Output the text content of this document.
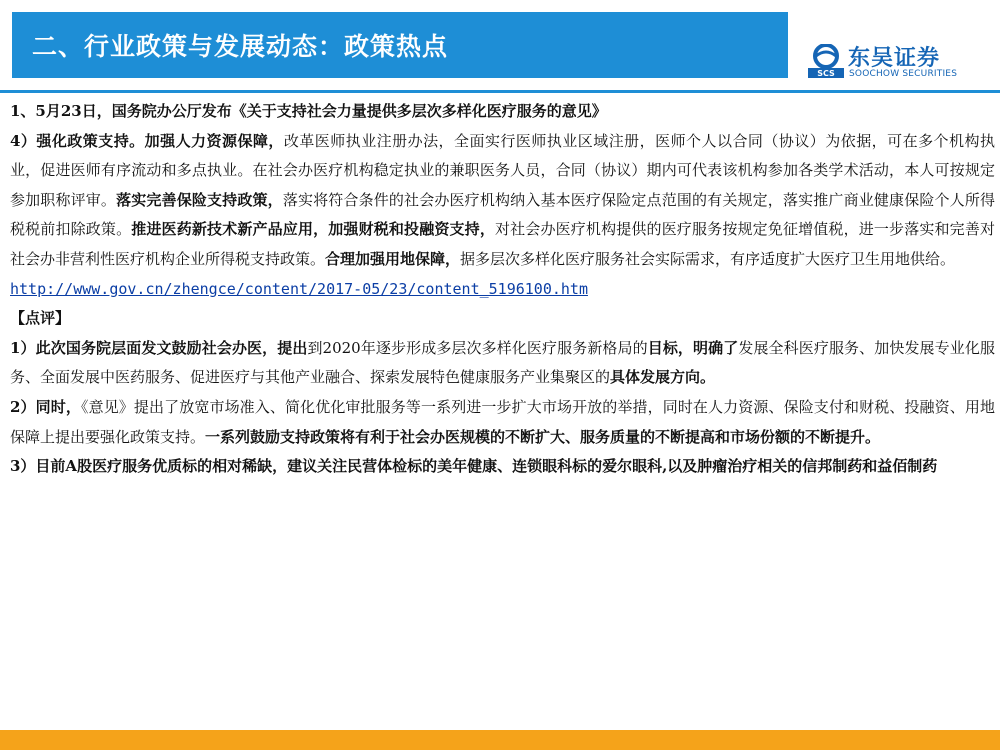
二、行业政策与发展动态：政策热点
SCS
东吴证券
SOOCHOW SECURITIES

1、5月23日，国务院办公厅发布《关于支持社会力量提供多层次多样化医疗服务的意见》

4）强化政策支持。加强人力资源保障，改革医师执业注册办法，全面实行医师执业区域注册，医师个人以合同（协议）为依据，可在多个机构执业，促进医师有序流动和多点执业。在社会办医疗机构稳定执业的兼职医务人员，合同（协议）期内可代表该机构参加各类学术活动，本人可按规定参加职称评审。落实完善保险支持政策，落实将符合条件的社会办医疗机构纳入基本医疗保险定点范围的有关规定，落实推广商业健康保险个人所得税税前扣除政策。推进医药新技术新产品应用，加强财税和投融资支持，对社会办医疗机构提供的医疗服务按规定免征增值税，进一步落实和完善对社会办非营利性医疗机构企业所得税支持政策。合理加强用地保障，据多层次多样化医疗服务社会实际需求，有序适度扩大医疗卫生用地供给。

http://www.gov.cn/zhengce/content/2017-05/23/content_5196100.htm

【点评】

1）此次国务院层面发文鼓励社会办医，提出到2020年逐步形成多层次多样化医疗服务新格局的目标，明确了发展全科医疗服务、加快发展专业化服务、全面发展中医药服务、促进医疗与其他产业融合、探索发展特色健康服务产业集聚区的具体发展方向。

2）同时，《意见》提出了放宽市场准入、简化优化审批服务等一系列进一步扩大市场开放的举措，同时在人力资源、保险支付和财税、投融资、用地保障上提出要强化政策支持。一系列鼓励支持政策将有利于社会办医规模的不断扩大、服务质量的不断提高和市场份额的不断提升。

3）目前A股医疗服务优质标的相对稀缺，建议关注民营体检标的美年健康、连锁眼科标的爱尔眼科,以及肿瘤治疗相关的信邦制药和益佰制药
